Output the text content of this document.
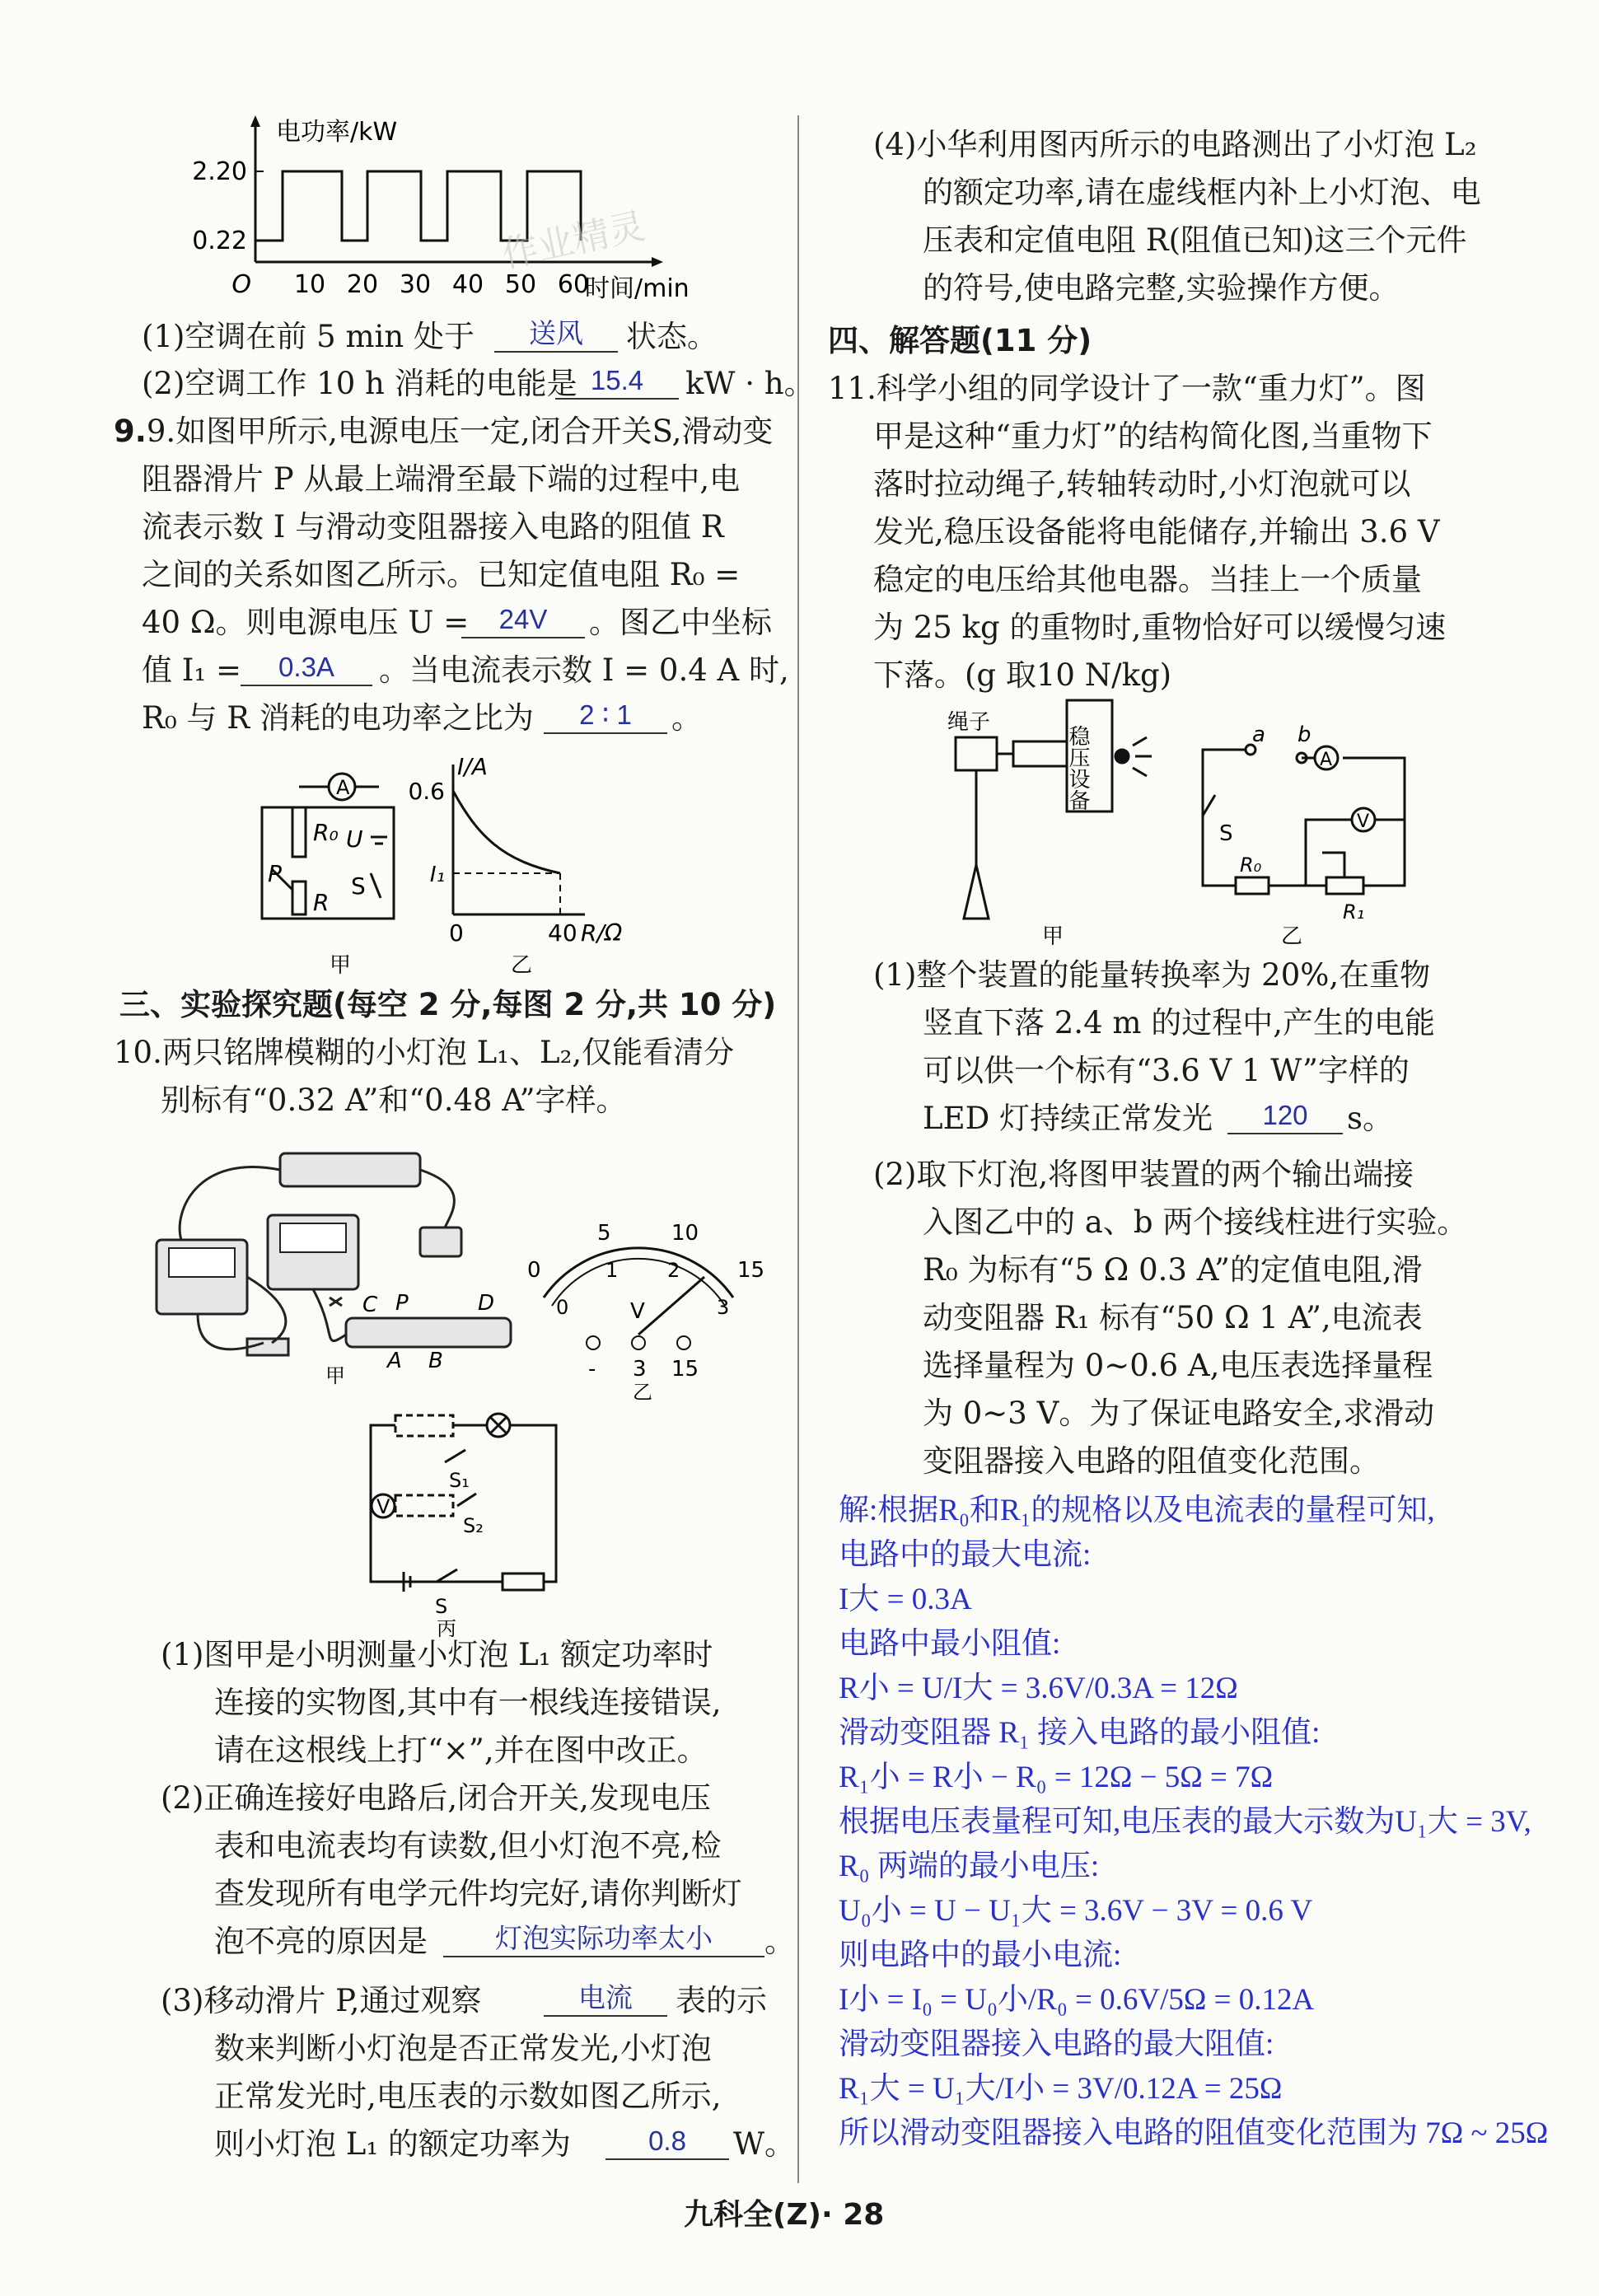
电功率/kW
2.20
0.22
O 10 20 30 40 50 60
时间/min
作业精灵
(1)空调在前 5 min 处于	送风	状态。
(2)空调工作 10 h 消耗的电能是 15.4	kW · h。
9.9.如图甲所示,电源电压一定,闭合开关S,滑动变
阻器滑片 P 从最上端滑至最下端的过程中,电
流表示数 I 与滑动变阻器接入电路的阻值 R
之间的关系如图乙所示。已知定值电阻 R₀ =
40 Ω。则电源电压 U =	24V	。图乙中坐标
值 I₁ =	0.3A	。当电流表示数 I = 0.4 A 时,
R₀ 与 R 消耗的电功率之比为	2 ∶ 1	。
A
R₀
P
R
U
S
甲
I/A
0.6
I₁
0	40 R/Ω
乙
三、实验探究题(每空 2 分,每图 2 分,共 10 分)
10.两只铭牌模糊的小灯泡 L₁、L₂,仅能看清分
别标有“0.32 A”和“0.48 A”字样。
C P	D
A B
甲
5	10
15
0
0
1 2
3
V
- 3 15
乙
V
S₁
S₂
S
丙
(1)图甲是小明测量小灯泡 L₁ 额定功率时
连接的实物图,其中有一根线连接错误,
请在这根线上打“×”,并在图中改正。
(2)正确连接好电路后,闭合开关,发现电压
表和电流表均有读数,但小灯泡不亮,检
查发现所有电学元件均完好,请你判断灯
泡不亮的原因是	灯泡实际功率太小	。
(3)移动滑片 P,通过观察	电流	表的示
数来判断小灯泡是否正常发光,小灯泡
正常发光时,电压表的示数如图乙所示,
则小灯泡 L₁ 的额定功率为	0.8	W。
(4)小华利用图丙所示的电路测出了小灯泡 L₂
的额定功率,请在虚线框内补上小灯泡、电
压表和定值电阻 R(阻值已知)这三个元件
的符号,使电路完整,实验操作方便。
四、解答题(11 分)
11.科学小组的同学设计了一款“重力灯”。图
甲是这种“重力灯”的结构简化图,当重物下
落时拉动绳子,转轴转动时,小灯泡就可以
发光,稳压设备能将电能储存,并输出 3.6 V
稳定的电压给其他电器。当挂上一个质量
为 25 kg 的重物时,重物恰好可以缓慢匀速
下落。(g 取10 N/kg)
绳子
稳压设备
甲
a b
A
V
S
R₀
R₁
乙
(1)整个装置的能量转换率为 20%,在重物
竖直下落 2.4 m 的过程中,产生的电能
可以供一个标有“3.6 V 1 W”字样的
LED 灯持续正常发光	120	s。
(2)取下灯泡,将图甲装置的两个输出端接
入图乙中的 a、b 两个接线柱进行实验。
R₀ 为标有“5 Ω 0.3 A”的定值电阻,滑
动变阻器 R₁ 标有“50 Ω 1 A”,电流表
选择量程为 0~0.6 A,电压表选择量程
为 0~3 V。为了保证电路安全,求滑动
变阻器接入电路的阻值变化范围。
解:根据R₀和R₁的规格以及电流表的量程可知,
电路中的最大电流:
I大 = 0.3A
电路中最小阻值:
R小 = U/I大 = 3.6V/0.3A = 12Ω
滑动变阻器 R₁ 接入电路的最小阻值:
R₁小 = R小 − R₀ = 12Ω − 5Ω = 7Ω
根据电压表量程可知,电压表的最大示数为U₁大 = 3V,
R₀ 两端的最小电压:
U₀小 = U − U₁大 = 3.6V − 3V = 0.6 V
则电路中的最小电流:
I小 = I₀ = U₀小/R₀ = 0.6V/5Ω = 0.12A
滑动变阻器接入电路的最大阻值:
R₁大 = U₁大/I小 = 3V/0.12A = 25Ω
所以滑动变阻器接入电路的阻值变化范围为 7Ω ~ 25Ω
九科全(Z)· 28
